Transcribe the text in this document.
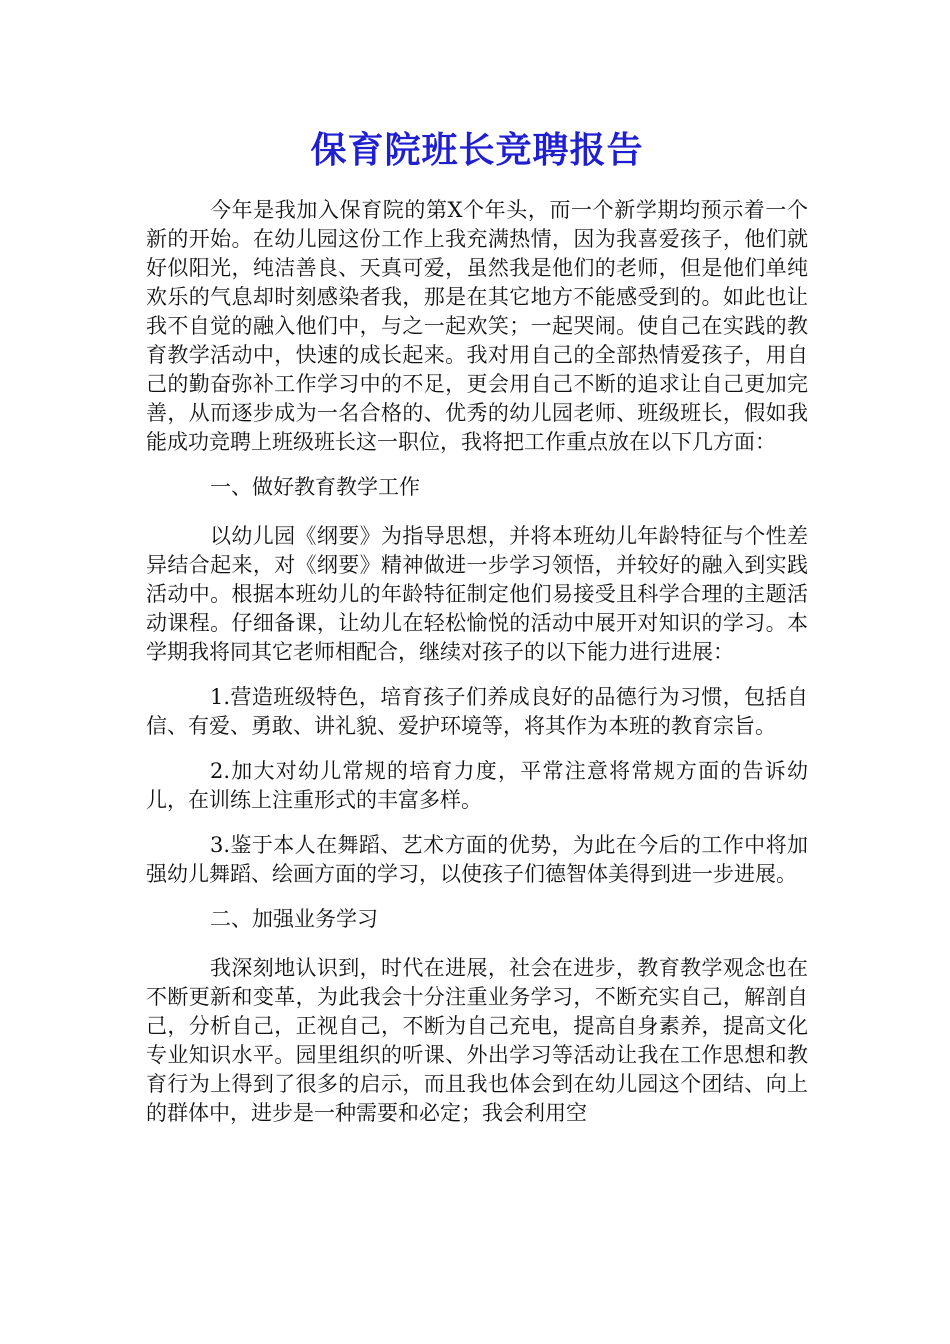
保育院班长竞聘报告

今年是我加入保育院的第X个年头，而一个新学期均预示着一个新的开始。在幼儿园这份工作上我充满热情，因为我喜爱孩子，他们就好似阳光，纯洁善良、天真可爱，虽然我是他们的老师，但是他们单纯欢乐的气息却时刻感染者我，那是在其它地方不能感受到的。如此也让我不自觉的融入他们中，与之一起欢笑；一起哭闹。使自己在实践的教育教学活动中，快速的成长起来。我对用自己的全部热情爱孩子，用自己的勤奋弥补工作学习中的不足，更会用自己不断的追求让自己更加完善，从而逐步成为一名合格的、优秀的幼儿园老师、班级班长，假如我能成功竞聘上班级班长这一职位，我将把工作重点放在以下几方面：

一、做好教育教学工作

以幼儿园《纲要》为指导思想，并将本班幼儿年龄特征与个性差异结合起来，对《纲要》精神做进一步学习领悟，并较好的融入到实践活动中。根据本班幼儿的年龄特征制定他们易接受且科学合理的主题活动课程。仔细备课，让幼儿在轻松愉悦的活动中展开对知识的学习。本学期我将同其它老师相配合，继续对孩子的以下能力进行进展：

1.营造班级特色，培育孩子们养成良好的品德行为习惯，包括自信、有爱、勇敢、讲礼貌、爱护环境等，将其作为本班的教育宗旨。

2.加大对幼儿常规的培育力度，平常注意将常规方面的告诉幼儿，在训练上注重形式的丰富多样。

3.鉴于本人在舞蹈、艺术方面的优势，为此在今后的工作中将加强幼儿舞蹈、绘画方面的学习，以使孩子们德智体美得到进一步进展。

二、加强业务学习

我深刻地认识到，时代在进展，社会在进步，教育教学观念也在不断更新和变革，为此我会十分注重业务学习，不断充实自己，解剖自己，分析自己，正视自己，不断为自己充电，提高自身素养，提高文化专业知识水平。园里组织的听课、外出学习等活动让我在工作思想和教育行为上得到了很多的启示，而且我也体会到在幼儿园这个团结、向上的群体中，进步是一种需要和必定；我会利用空
